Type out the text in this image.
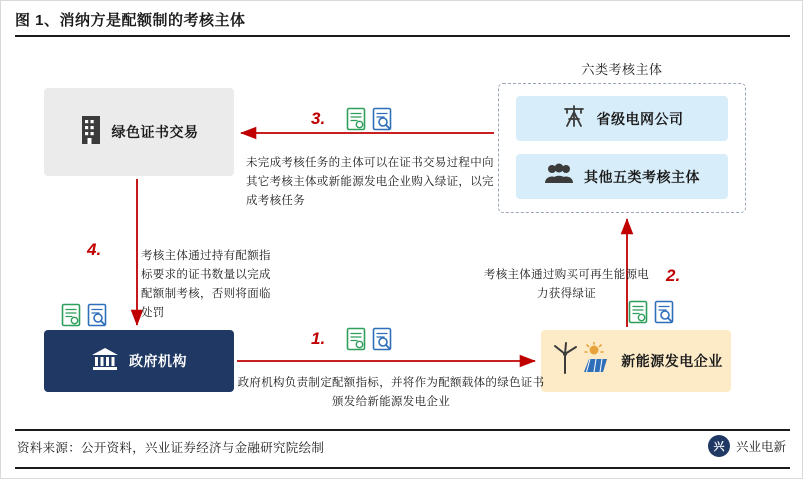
图 1、消纳方是配额制的考核主体
绿色证书交易
政府机构	新能源发电企业
六类考核主体
省级电网公司
其他五类考核主体
1.
政府机构负责制定配额指标，并将作为配额载体的绿色证书颁发给新能源发电企业
2.
考核主体通过购买可再生能源电力获得绿证
3.
未完成考核任务的主体可以在证书交易过程中向其它考核主体或新能源发电企业购入绿证，以完成考核任务
4.	考核主体通过持有配额指标要求的证书数量以完成配额制考核，否则将面临处罚
资料来源：公开资料，兴业证券经济与金融研究院绘制	兴 兴业电新
